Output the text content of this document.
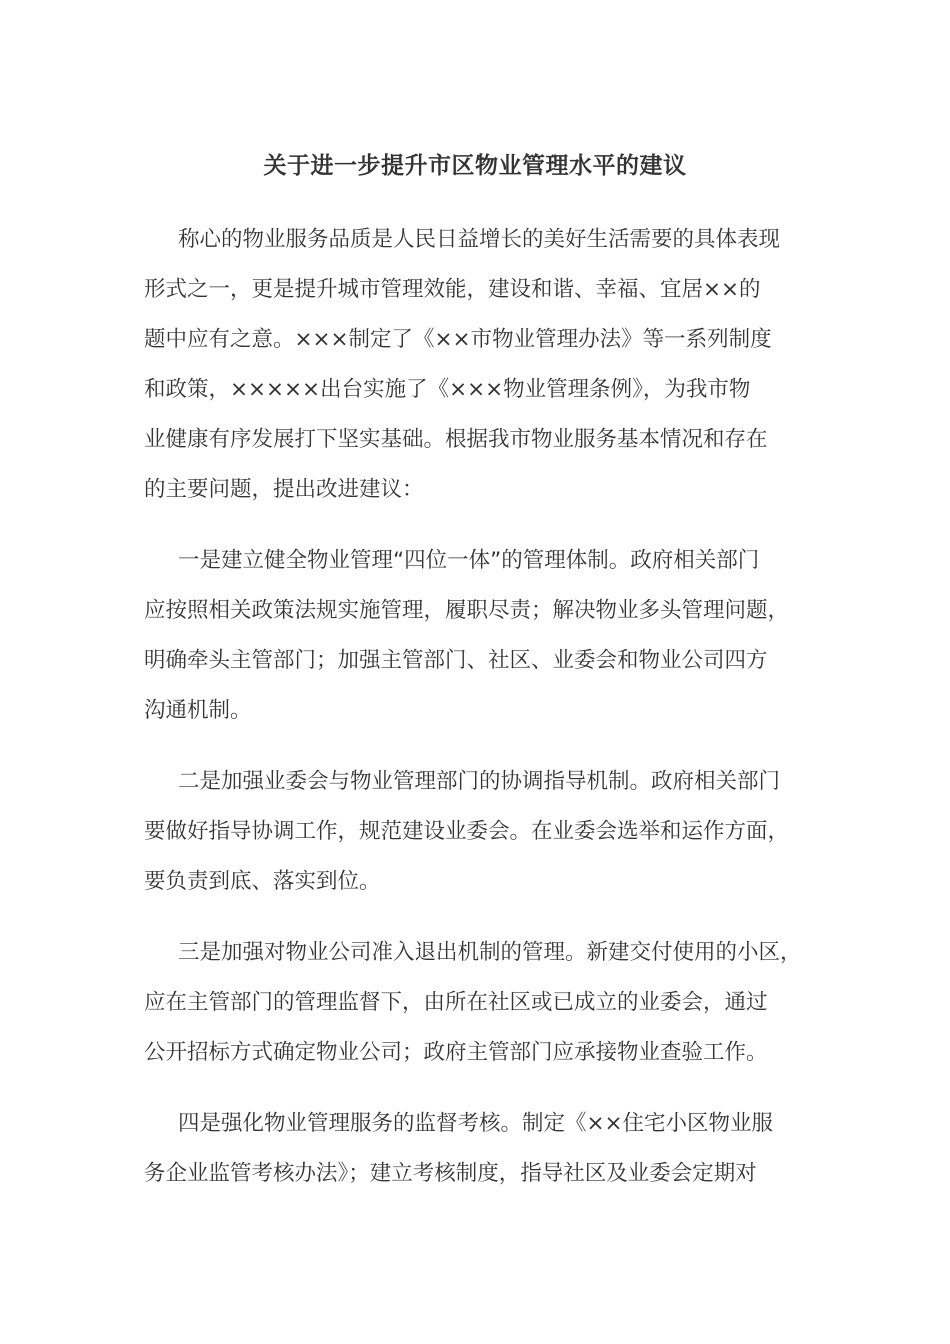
关于进一步提升市区物业管理水平的建议
称心的物业服务品质是人民日益增长的美好生活需要的具体表现
形式之一，更是提升城市管理效能，建设和谐、幸福、宜居××的
题中应有之意。×××制定了《××市物业管理办法》等一系列制度
和政策，×××××出台实施了《×××物业管理条例》，为我市物
业健康有序发展打下坚实基础。根据我市物业服务基本情况和存在
的主要问题，提出改进建议：
一是建立健全物业管理“四位一体”的管理体制。政府相关部门
应按照相关政策法规实施管理，履职尽责；解决物业多头管理问题，
明确牵头主管部门；加强主管部门、社区、业委会和物业公司四方
沟通机制。
二是加强业委会与物业管理部门的协调指导机制。政府相关部门
要做好指导协调工作，规范建设业委会。在业委会选举和运作方面，
要负责到底、落实到位。
三是加强对物业公司准入退出机制的管理。新建交付使用的小区，
应在主管部门的管理监督下，由所在社区或已成立的业委会，通过
公开招标方式确定物业公司；政府主管部门应承接物业查验工作。
四是强化物业管理服务的监督考核。制定《××住宅小区物业服
务企业监管考核办法》；建立考核制度，指导社区及业委会定期对
